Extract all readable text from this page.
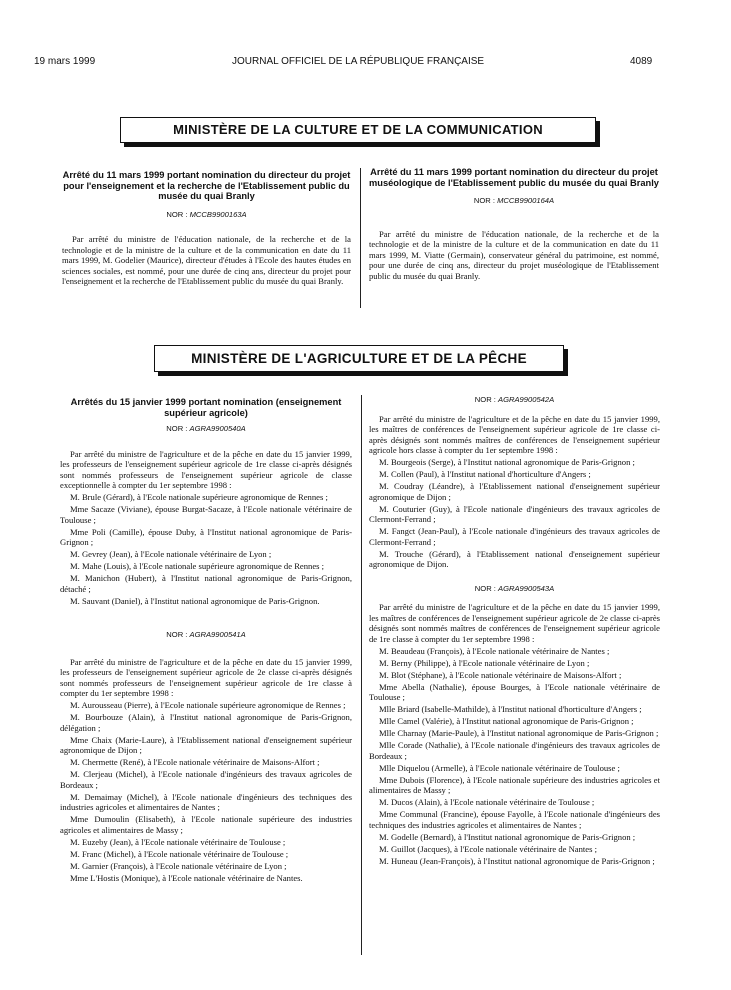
19 mars 1999	JOURNAL OFFICIEL DE LA RÉPUBLIQUE FRANÇAISE	4089
MINISTÈRE DE LA CULTURE ET DE LA COMMUNICATION
Arrêté du 11 mars 1999 portant nomination du directeur du projet pour l'enseignement et la recherche de l'Etablissement public du musée du quai Branly
NOR : MCCB9900163A

Par arrêté du ministre de l'éducation nationale, de la recherche et de la technologie et de la ministre de la culture et de la communication en date du 11 mars 1999, M. Godelier (Maurice), directeur d'études à l'Ecole des hautes études en sciences sociales, est nommé, pour une durée de cinq ans, directeur du projet pour l'enseignement et la recherche de l'Etablissement public du musée du quai Branly.

Arrêté du 11 mars 1999 portant nomination du directeur du projet muséologique de l'Etablissement public du musée du quai Branly
NOR : MCCB9900164A

Par arrêté du ministre de l'éducation nationale, de la recherche et de la technologie et de la ministre de la culture et de la communication en date du 11 mars 1999, M. Viatte (Germain), conservateur général du patrimoine, est nommé, pour une durée de cinq ans, directeur du projet muséologique de l'Etablissement public du musée du quai Branly.

MINISTÈRE DE L'AGRICULTURE ET DE LA PÊCHE
Arrêtés du 15 janvier 1999 portant nomination (enseignement supérieur agricole)
NOR : AGRA9900540A

Par arrêté du ministre de l'agriculture et de la pêche en date du 15 janvier 1999, les professeurs de l'enseignement supérieur agricole de 1re classe ci-après désignés sont nommés professeurs de l'enseignement supérieur agricole de classe exceptionnelle à compter du 1er septembre 1998 :

M. Brule (Gérard), à l'Ecole nationale supérieure agronomique de Rennes ;

Mme Sacaze (Viviane), épouse Burgat-Sacaze, à l'Ecole nationale vétérinaire de Toulouse ;

Mme Poli (Camille), épouse Duby, à l'Institut national agronomique de Paris-Grignon ;

M. Gevrey (Jean), à l'Ecole nationale vétérinaire de Lyon ;

M. Mahe (Louis), à l'Ecole nationale supérieure agronomique de Rennes ;

M. Manichon (Hubert), à l'Institut national agronomique de Paris-Grignon, détaché ;

M. Sauvant (Daniel), à l'Institut national agronomique de Paris-Grignon.

NOR : AGRA9900541A

Par arrêté du ministre de l'agriculture et de la pêche en date du 15 janvier 1999, les professeurs de l'enseignement supérieur agricole de 2e classe ci-après désignés sont nommés professeurs de l'enseignement supérieur agricole de 1re classe à compter du 1er septembre 1998 :

M. Aurousseau (Pierre), à l'Ecole nationale supérieure agronomique de Rennes ;

M. Bourbouze (Alain), à l'Institut national agronomique de Paris-Grignon, délégation ;

Mme Chaix (Marie-Laure), à l'Etablissement national d'enseignement supérieur agronomique de Dijon ;

M. Chermette (René), à l'Ecole nationale vétérinaire de Maisons-Alfort ;

M. Clerjeau (Michel), à l'Ecole nationale d'ingénieurs des travaux agricoles de Bordeaux ;

M. Demaimay (Michel), à l'Ecole nationale d'ingénieurs des techniques des industries agricoles et alimentaires de Nantes ;

Mme Dumoulin (Elisabeth), à l'Ecole nationale supérieure des industries agricoles et alimentaires de Massy ;

M. Euzeby (Jean), à l'Ecole nationale vétérinaire de Toulouse ;

M. Franc (Michel), à l'Ecole nationale vétérinaire de Toulouse ;

M. Garnier (François), à l'Ecole nationale vétérinaire de Lyon ;

Mme L'Hostis (Monique), à l'Ecole nationale vétérinaire de Nantes.

NOR : AGRA9900542A

Par arrêté du ministre de l'agriculture et de la pêche en date du 15 janvier 1999, les maîtres de conférences de l'enseignement supérieur agricole de 1re classe ci-après désignés sont nommés maîtres de conférences de l'enseignement supérieur agricole hors classe à compter du 1er septembre 1998 :

M. Bourgeois (Serge), à l'Institut national agronomique de Paris-Grignon ;

M. Collen (Paul), à l'Institut national d'horticulture d'Angers ;

M. Coudray (Léandre), à l'Etablissement national d'enseignement supérieur agronomique de Dijon ;

M. Couturier (Guy), à l'Ecole nationale d'ingénieurs des travaux agricoles de Clermont-Ferrand ;

M. Fangct (Jean-Paul), à l'Ecole nationale d'ingénieurs des travaux agricoles de Clermont-Ferrand ;

M. Trouche (Gérard), à l'Etablissement national d'enseignement supérieur agronomique de Dijon.

NOR : AGRA9900543A

Par arrêté du ministre de l'agriculture et de la pêche en date du 15 janvier 1999, les maîtres de conférences de l'enseignement supérieur agricole de 2e classe ci-après désignés sont nommés maîtres de conférences de l'enseignement supérieur agricole de 1re classe à compter du 1er septembre 1998 :

M. Beaudeau (François), à l'Ecole nationale vétérinaire de Nantes ;

M. Berny (Philippe), à l'Ecole nationale vétérinaire de Lyon ;

M. Blot (Stéphane), à l'Ecole nationale vétérinaire de Maisons-Alfort ;

Mme Abella (Nathalie), épouse Bourges, à l'Ecole nationale vétérinaire de Toulouse ;

Mlle Briard (Isabelle-Mathilde), à l'Institut national d'horticulture d'Angers ;

Mlle Camel (Valérie), à l'Institut national agronomique de Paris-Grignon ;

Mlle Charnay (Marie-Paule), à l'Institut national agronomique de Paris-Grignon ;

Mlle Corade (Nathalie), à l'Ecole nationale d'ingénieurs des travaux agricoles de Bordeaux ;

Mlle Diquelou (Armelle), à l'Ecole nationale vétérinaire de Toulouse ;

Mme Dubois (Florence), à l'Ecole nationale supérieure des industries agricoles et alimentaires de Massy ;

M. Ducos (Alain), à l'Ecole nationale vétérinaire de Toulouse ;

Mme Communal (Francine), épouse Fayolle, à l'Ecole nationale d'ingénieurs des techniques des industries agricoles et alimentaires de Nantes ;

M. Godelle (Bernard), à l'Institut national agronomique de Paris-Grignon ;

M. Guillot (Jacques), à l'Ecole nationale vétérinaire de Nantes ;

M. Huneau (Jean-François), à l'Institut national agronomique de Paris-Grignon ;
